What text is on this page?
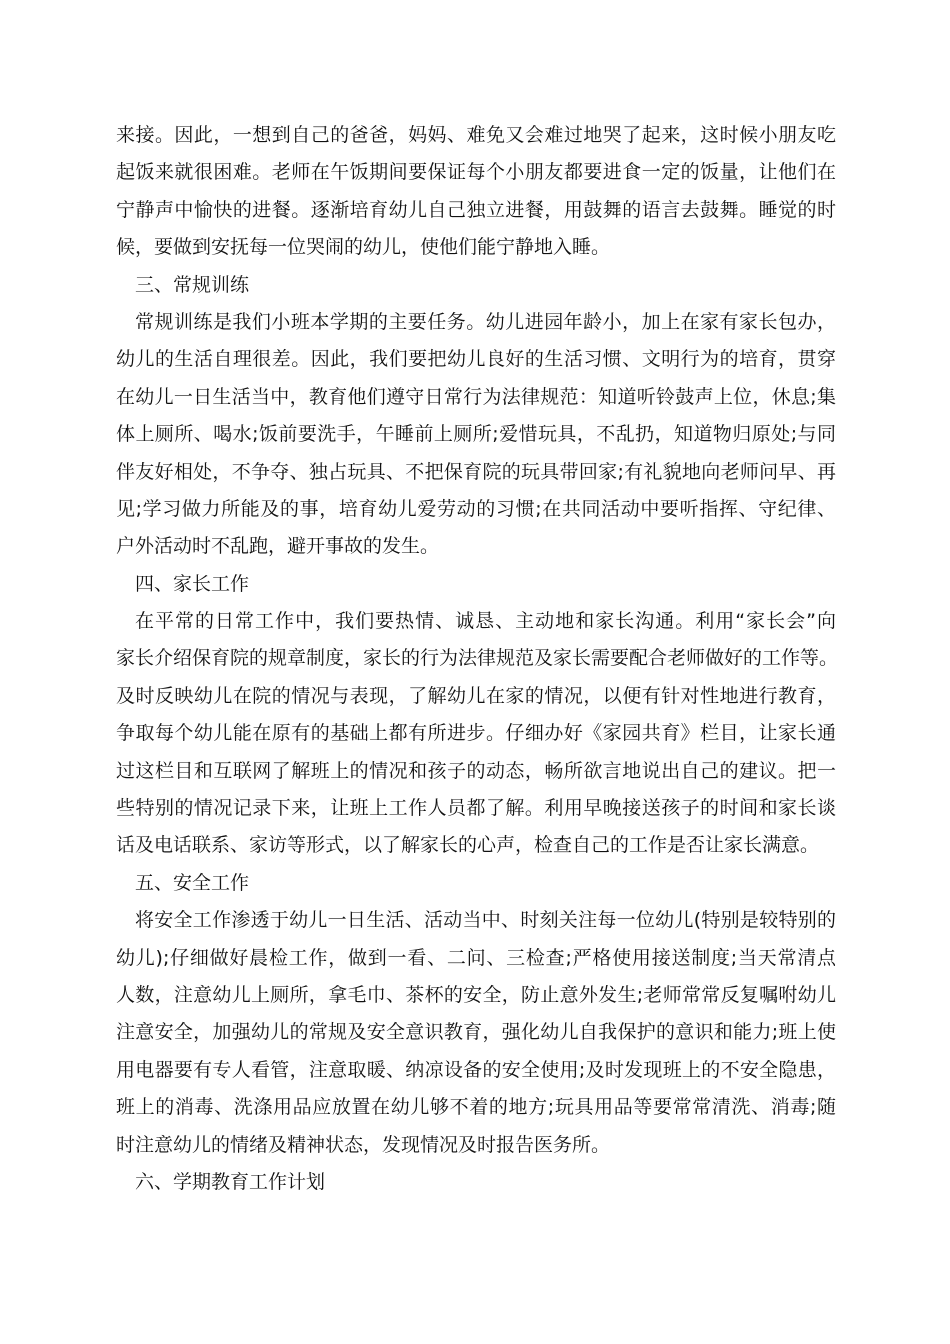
来接。因此，一想到自己的爸爸，妈妈、难免又会难过地哭了起来，这时候小朋友吃
起饭来就很困难。老师在午饭期间要保证每个小朋友都要进食一定的饭量，让他们在
宁静声中愉快的进餐。逐渐培育幼儿自己独立进餐，用鼓舞的语言去鼓舞。睡觉的时
候，要做到安抚每一位哭闹的幼儿，使他们能宁静地入睡。
三、常规训练
常规训练是我们小班本学期的主要任务。幼儿进园年龄小，加上在家有家长包办，
幼儿的生活自理很差。因此，我们要把幼儿良好的生活习惯、文明行为的培育，贯穿
在幼儿一日生活当中，教育他们遵守日常行为法律规范：知道听铃鼓声上位，休息;集
体上厕所、喝水;饭前要洗手，午睡前上厕所;爱惜玩具，不乱扔，知道物归原处;与同
伴友好相处，不争夺、独占玩具、不把保育院的玩具带回家;有礼貌地向老师问早、再
见;学习做力所能及的事，培育幼儿爱劳动的习惯;在共同活动中要听指挥、守纪律、
户外活动时不乱跑，避开事故的发生。
四、家长工作
在平常的日常工作中，我们要热情、诚恳、主动地和家长沟通。利用“家长会”向
家长介绍保育院的规章制度，家长的行为法律规范及家长需要配合老师做好的工作等。
及时反映幼儿在院的情况与表现，了解幼儿在家的情况，以便有针对性地进行教育，
争取每个幼儿能在原有的基础上都有所进步。仔细办好《家园共育》栏目，让家长通
过这栏目和互联网了解班上的情况和孩子的动态，畅所欲言地说出自己的建议。把一
些特别的情况记录下来，让班上工作人员都了解。利用早晚接送孩子的时间和家长谈
话及电话联系、家访等形式，以了解家长的心声，检查自己的工作是否让家长满意。
五、安全工作
将安全工作渗透于幼儿一日生活、活动当中、时刻关注每一位幼儿(特别是较特别的
幼儿);仔细做好晨检工作，做到一看、二问、三检查;严格使用接送制度;当天常清点
人数，注意幼儿上厕所，拿毛巾、茶杯的安全，防止意外发生;老师常常反复嘱咐幼儿
注意安全，加强幼儿的常规及安全意识教育，强化幼儿自我保护的意识和能力;班上使
用电器要有专人看管，注意取暖、纳凉设备的安全使用;及时发现班上的不安全隐患，
班上的消毒、洗涤用品应放置在幼儿够不着的地方;玩具用品等要常常清洗、消毒;随
时注意幼儿的情绪及精神状态，发现情况及时报告医务所。
六、学期教育工作计划
